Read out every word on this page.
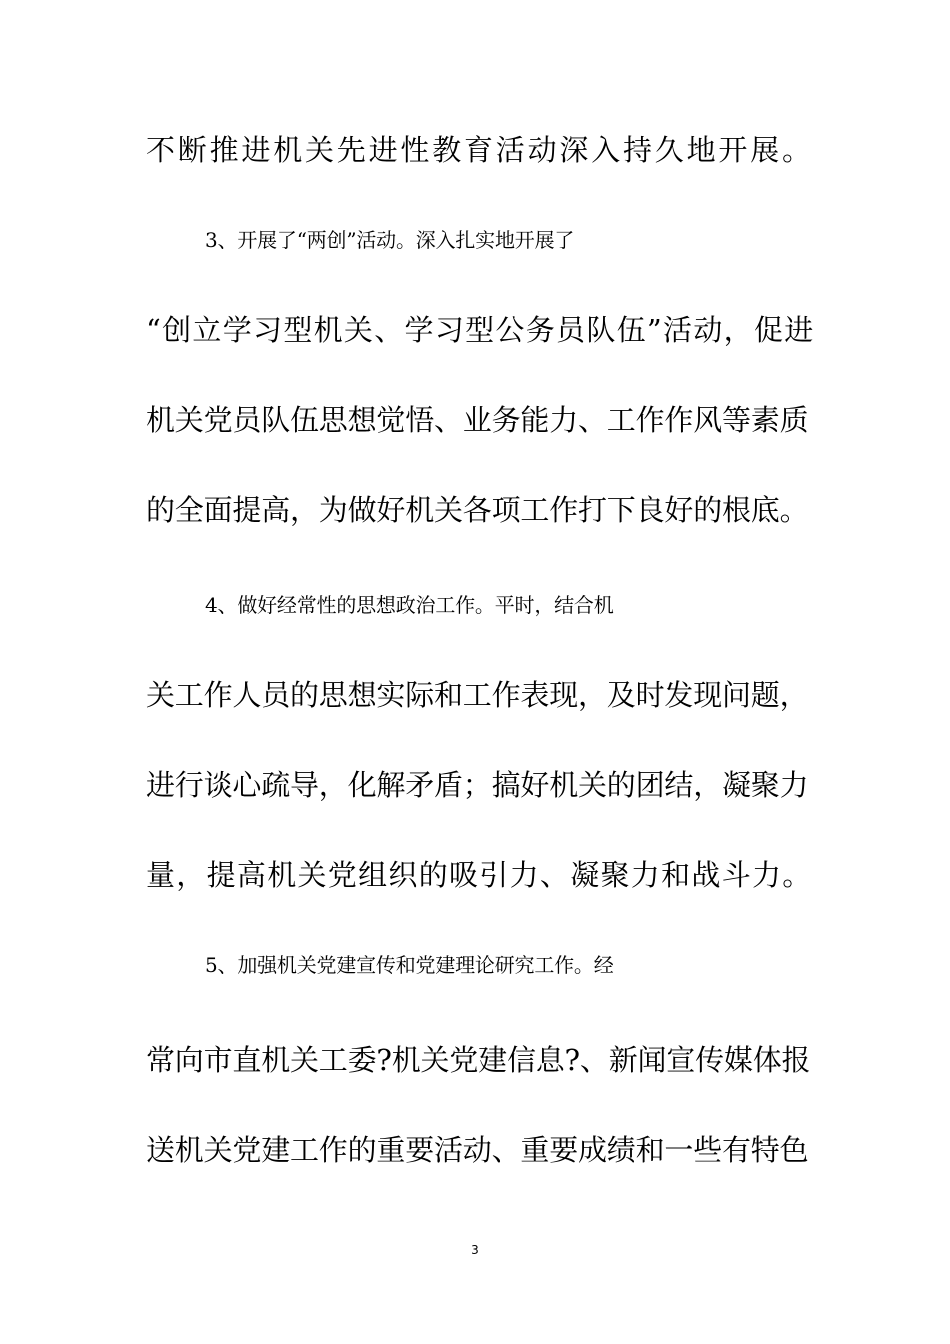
不断推进机关先进性教育活动深入持久地开展。
3、开展了“两创”活动。深入扎实地开展了
“创立学习型机关、学习型公务员队伍”活动，促进
机关党员队伍思想觉悟、业务能力、工作作风等素质
的全面提高，为做好机关各项工作打下良好的根底。
4、做好经常性的思想政治工作。平时，结合机
关工作人员的思想实际和工作表现，及时发现问题，
进行谈心疏导，化解矛盾；搞好机关的团结，凝聚力
量，提高机关党组织的吸引力、凝聚力和战斗力。
5、加强机关党建宣传和党建理论研究工作。经
常向市直机关工委?机关党建信息?、新闻宣传媒体报
送机关党建工作的重要活动、重要成绩和一些有特色
3
